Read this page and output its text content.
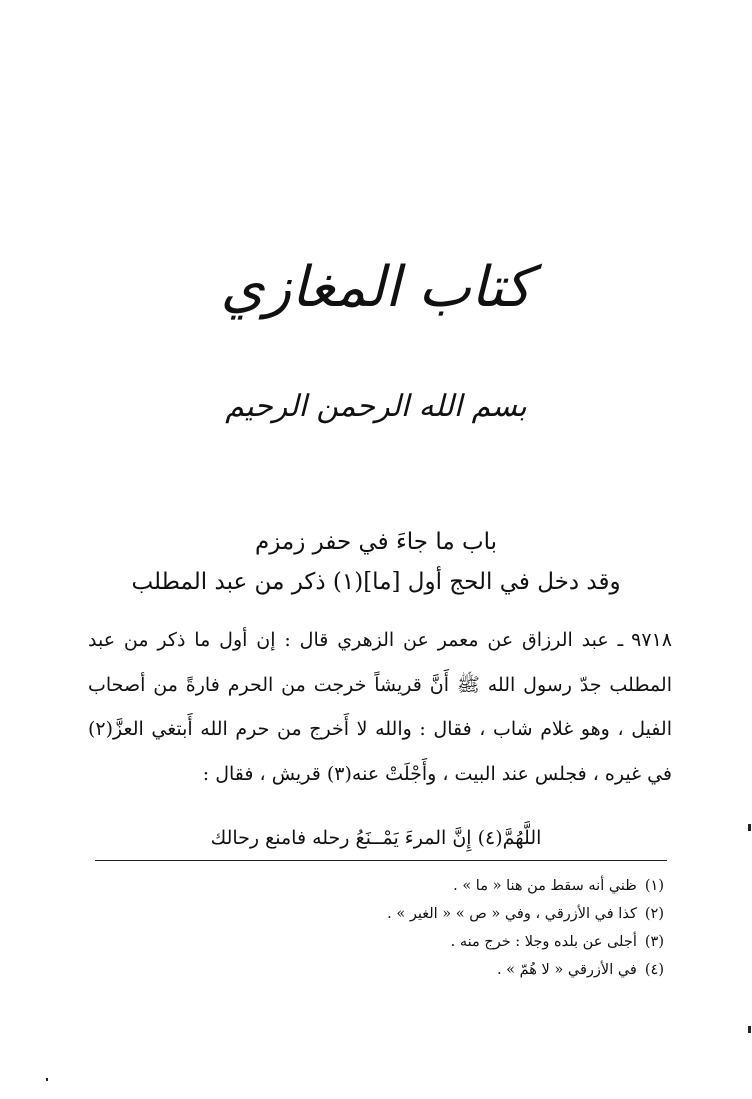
كتاب المغازي
بسم الله الرحمن الرحيم
باب ما جاءَ في حفر زمزم
وقد دخل في الحج أول [ما](١) ذكر من عبد المطلب
٩٧١٨ـ عبد الرزاق عن معمر عن الزهري قال : إن أول ما ذكر من عبد المطلب جدّ رسول الله ﷺ أَنَّ قريشاً خرجت من الحرم فارةً من أصحاب الفيل ، وهو غلام شاب ، فقال : والله لا أَخرج من حرم الله أَبتغي العزَّ(٢) في غيره ، فجلس عند البيت ، وأَجْلَتْ عنه(٣) قريش ، فقال :
اللَّهُمَّ(٤) إِنَّ المرءَ يَمْــنَعُ رحله فامنع رحالك
(١)ظني أنه سقط من هنا « ما » .
(٢)كذا في الأزرقي ، وفي « ص » « الغير » .
(٣)أجلى عن بلده وجلا : خرج منه .
(٤)في الأزرقي « لا هُمّ » .
